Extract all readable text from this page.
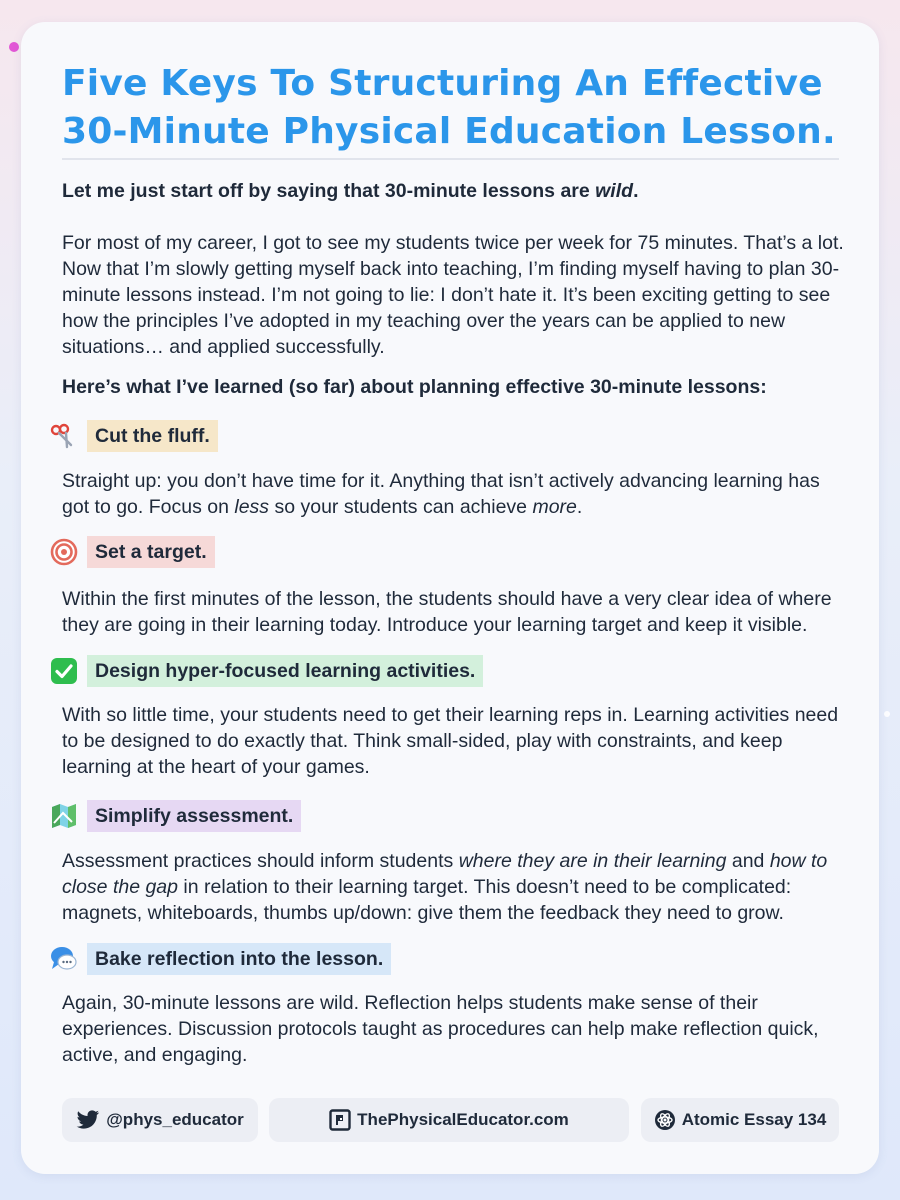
Five Keys To Structuring An Effective 30-Minute Physical Education Lesson.

Let me just start off by saying that 30-minute lessons are wild.

For most of my career, I got to see my students twice per week for 75 minutes. That’s a lot. Now that I’m slowly getting myself back into teaching, I’m finding myself having to plan 30-minute lessons instead. I’m not going to lie: I don’t hate it. It’s been exciting getting to see how the principles I’ve adopted in my teaching over the years can be applied to new situations… and applied successfully.

Here’s what I’ve learned (so far) about planning effective 30-minute lessons:

Cut the fluff.

Straight up: you don’t have time for it. Anything that isn’t actively advancing learning has got to go. Focus on less so your students can achieve more.

Set a target.

Within the first minutes of the lesson, the students should have a very clear idea of where they are going in their learning today. Introduce your learning target and keep it visible.

Design hyper-focused learning activities.

With so little time, your students need to get their learning reps in. Learning activities need to be designed to do exactly that. Think small-sided, play with constraints, and keep learning at the heart of your games.

Simplify assessment.

Assessment practices should inform students where they are in their learning and how to close the gap in relation to their learning target. This doesn’t need to be complicated: magnets, whiteboards, thumbs up/down: give them the feedback they need to grow.

Bake reflection into the lesson.

Again, 30-minute lessons are wild. Reflection helps students make sense of their experiences. Discussion protocols taught as procedures can help make reflection quick, active, and engaging.

@phys_educator	ThePhysicalEducator.com	Atomic Essay 134
